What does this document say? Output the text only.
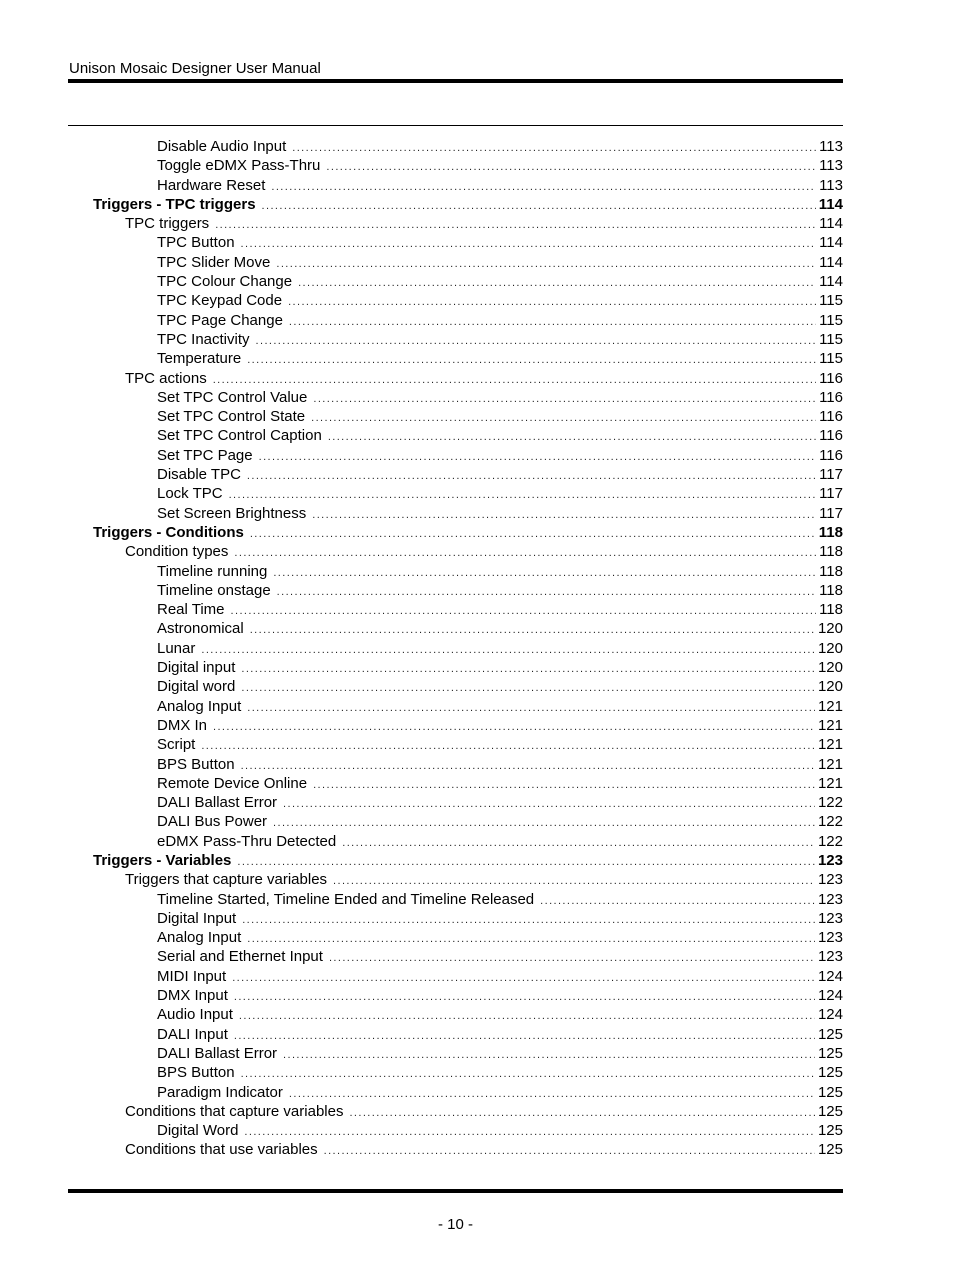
Unison Mosaic Designer User Manual
Disable Audio Input .....	113
Toggle eDMX Pass-Thru .....	113
Hardware Reset .....	113
Triggers - TPC triggers .....	114
TPC triggers .....	114
TPC Button .....	114
TPC Slider Move .....	114
TPC Colour Change .....	114
TPC Keypad Code .....	115
TPC Page Change .....	115
TPC Inactivity .....	115
Temperature .....	115
TPC actions .....	116
Set TPC Control Value .....	116
Set TPC Control State .....	116
Set TPC Control Caption .....	116
Set TPC Page .....	116
Disable TPC .....	117
Lock TPC .....	117
Set Screen Brightness .....	117
Triggers - Conditions .....	118
Condition types .....	118
Timeline running .....	118
Timeline onstage .....	118
Real Time .....	118
Astronomical .....	120
Lunar .....	120
Digital input .....	120
Digital word .....	120
Analog Input .....	121
DMX In .....	121
Script .....	121
BPS Button .....	121
Remote Device Online .....	121
DALI Ballast Error .....	122
DALI Bus Power .....	122
eDMX Pass-Thru Detected .....	122
Triggers - Variables .....	123
Triggers that capture variables .....	123
Timeline Started, Timeline Ended and Timeline Released .....	123
Digital Input .....	123
Analog Input .....	123
Serial and Ethernet Input .....	123
MIDI Input .....	124
DMX Input .....	124
Audio Input .....	124
DALI Input .....	125
DALI Ballast Error .....	125
BPS Button .....	125
Paradigm Indicator .....	125
Conditions that capture variables .....	125
Digital Word .....	125
Conditions that use variables .....	125
- 10 -
